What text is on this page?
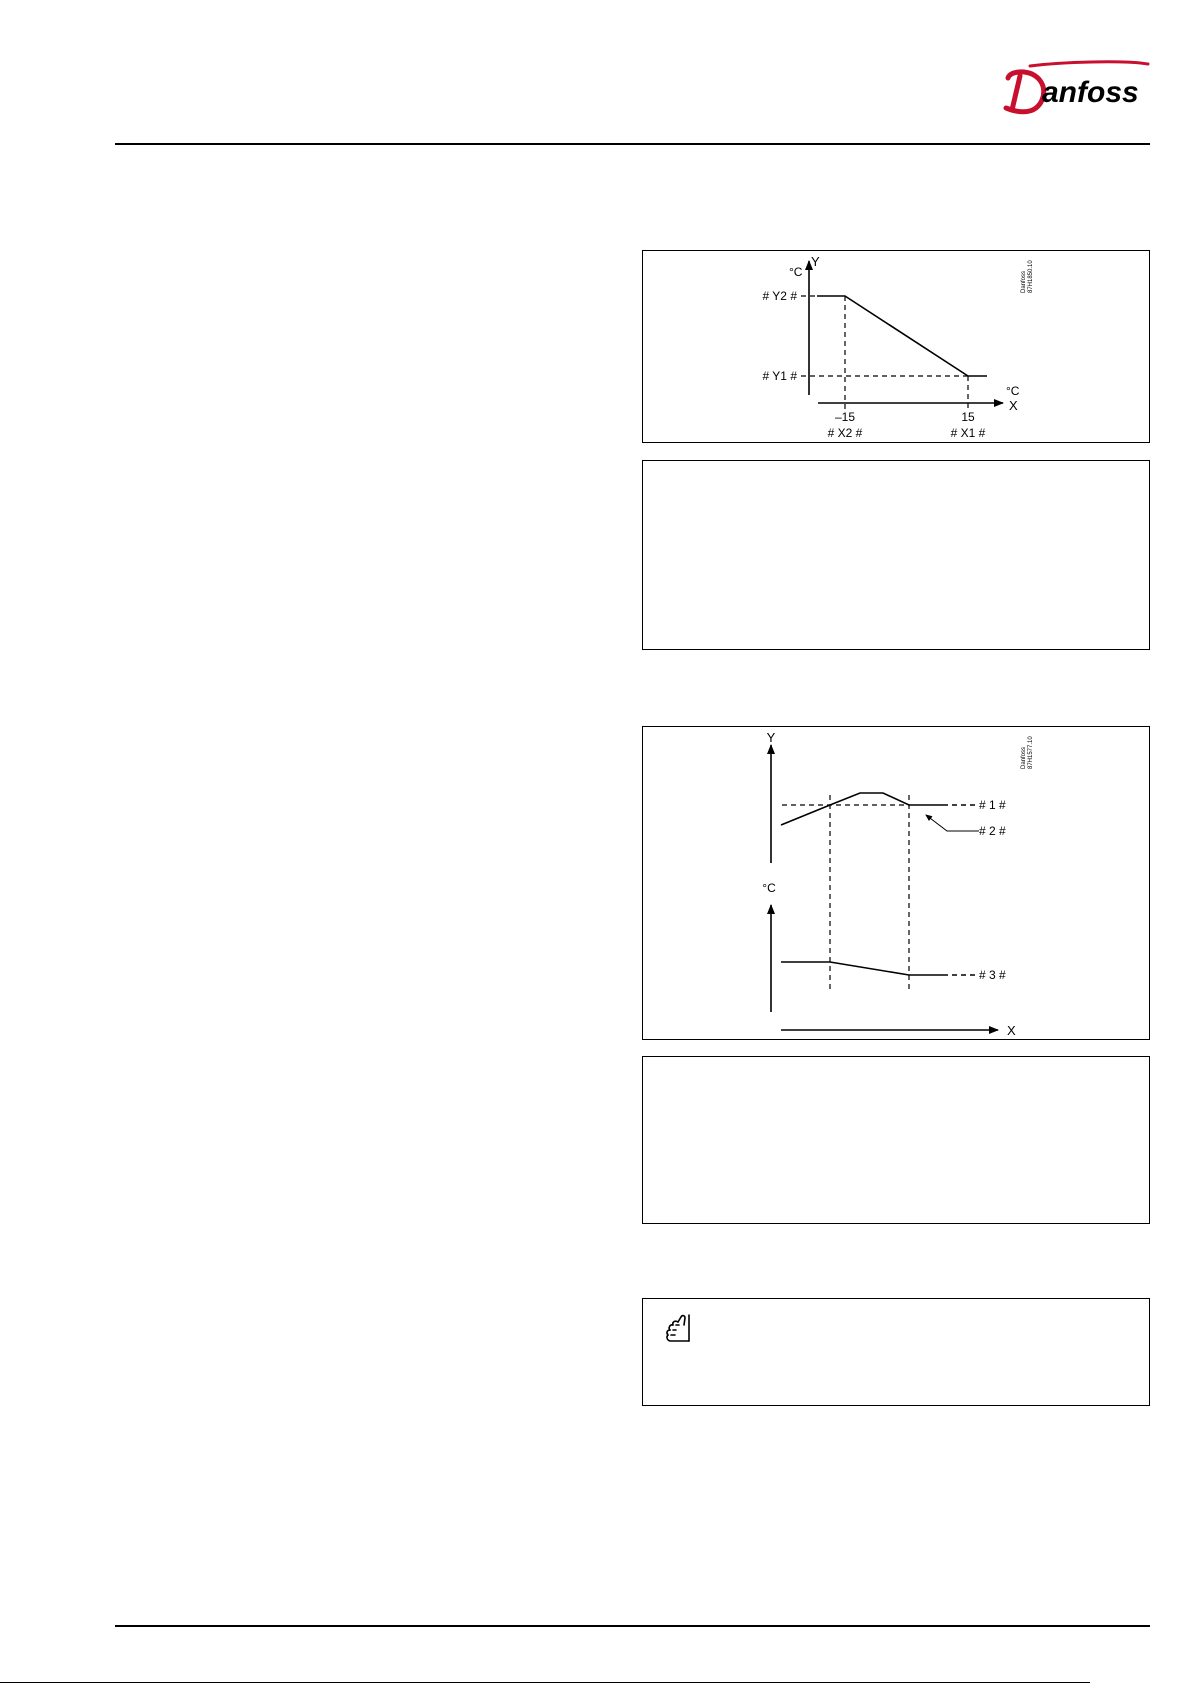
anfoss
Y
°C
# Y2 #
# Y1 #
°C
X
–15	15
# X2 #	# X1 #
Danfoss 87H1850.10
Y
°C
X
# 1 #
# 2 #
# 3 #
Danfoss 87H1577.10
